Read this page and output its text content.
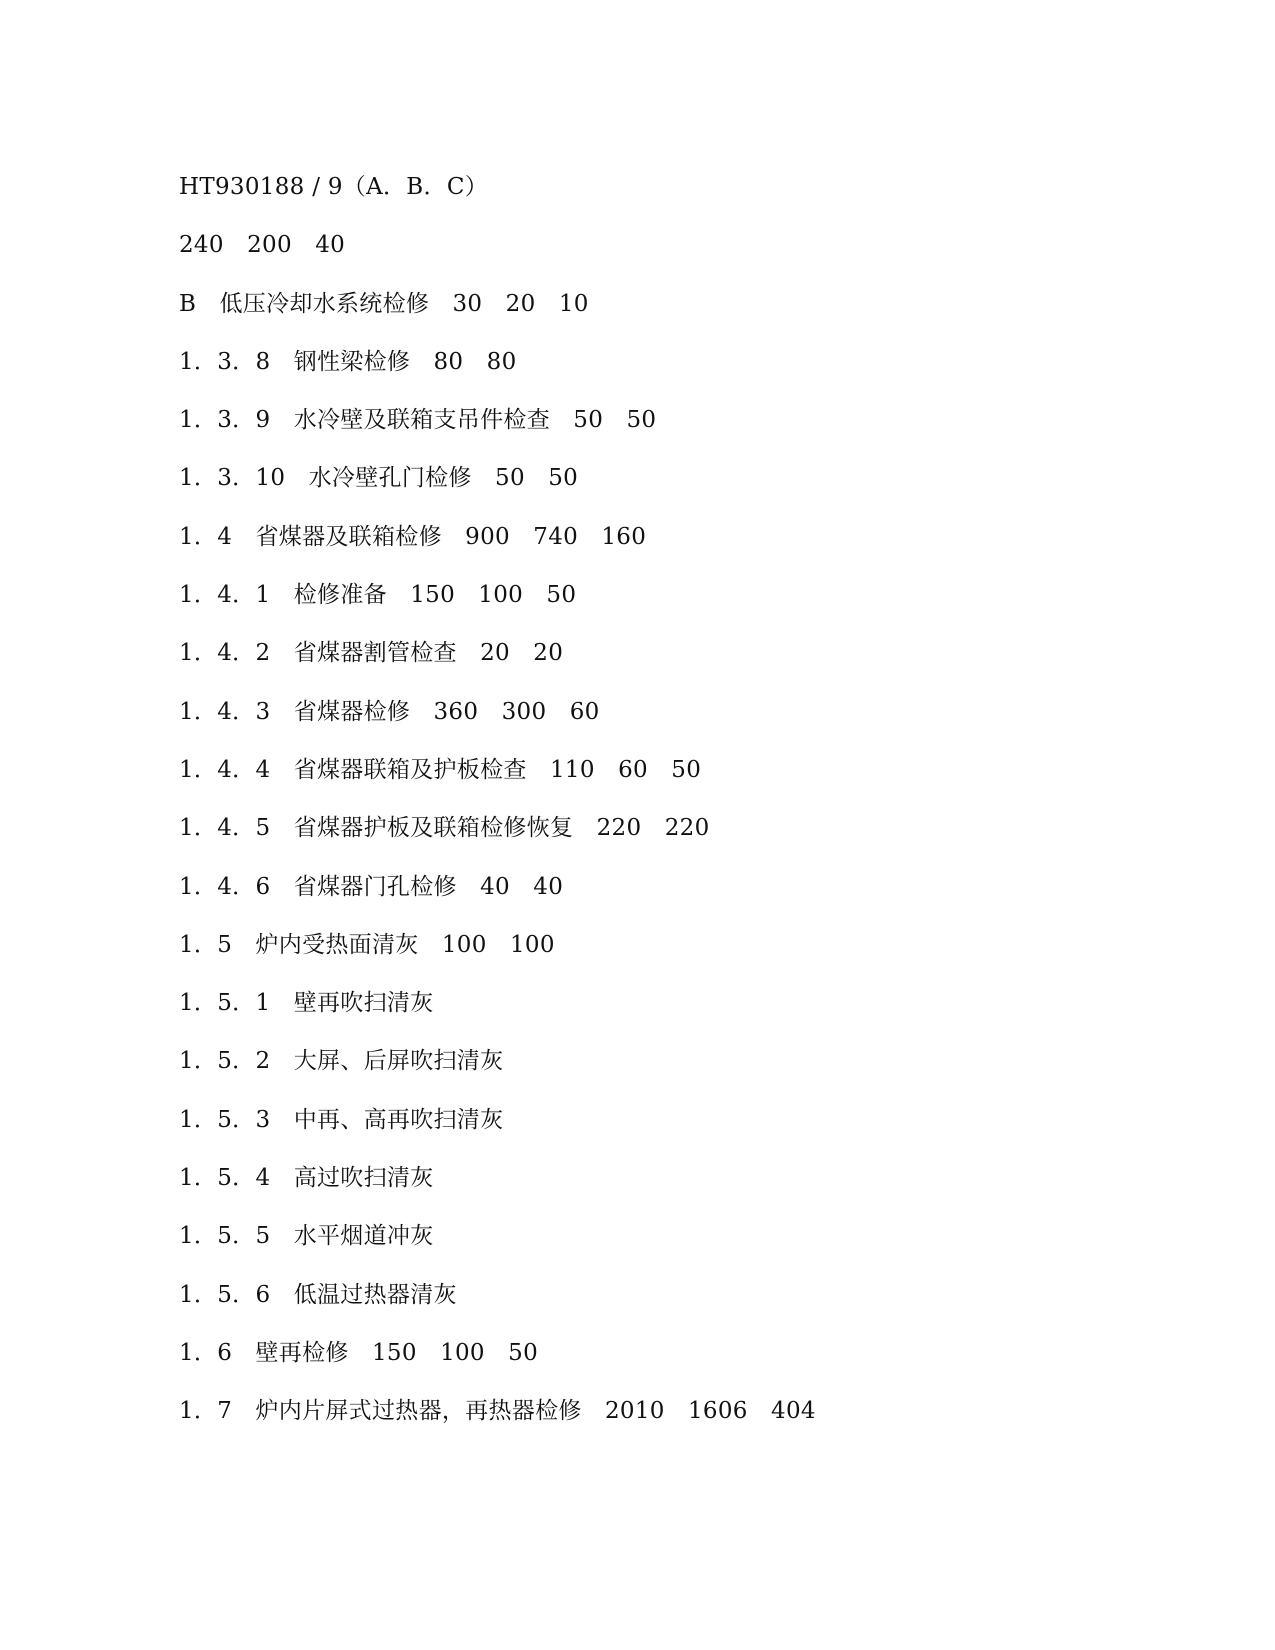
HT930188 / 9（A．B．C）
240　200　40
B　低压冷却水系统检修　30　20　10
1．3．8　钢性梁检修　80　80
1．3．9　水冷壁及联箱支吊件检查　50　50
1．3．10　水冷壁孔门检修　50　50
1．4　省煤器及联箱检修　900　740　160
1．4．1　检修准备　150　100　50
1．4．2　省煤器割管检查　20　20
1．4．3　省煤器检修　360　300　60
1．4．4　省煤器联箱及护板检查　110　60　50
1．4．5　省煤器护板及联箱检修恢复　220　220
1．4．6　省煤器门孔检修　40　40
1．5　炉内受热面清灰　100　100
1．5．1　壁再吹扫清灰
1．5．2　大屏、后屏吹扫清灰
1．5．3　中再、高再吹扫清灰
1．5．4　高过吹扫清灰
1．5．5　水平烟道冲灰
1．5．6　低温过热器清灰
1．6　壁再检修　150　100　50
1．7　炉内片屏式过热器，再热器检修　2010　1606　404
